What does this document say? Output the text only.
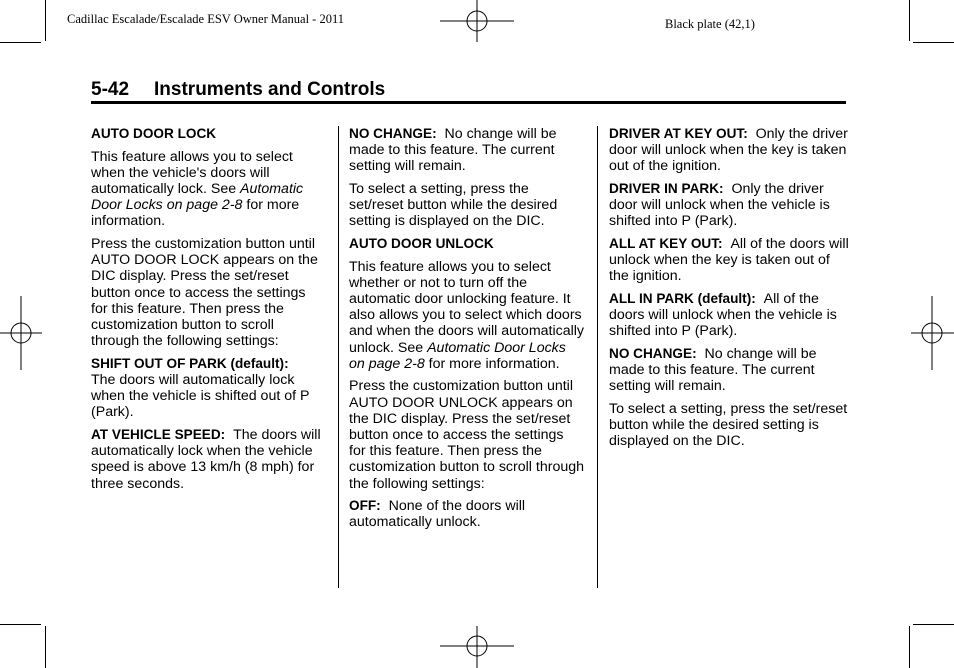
Cadillac Escalade/Escalade ESV Owner Manual - 2011	Black plate (42,1)
5-42 Instruments and Controls

AUTO DOOR LOCK

This feature allows you to select when the vehicle's doors will automatically lock. See Automatic Door Locks on page 2-8 for more information.

Press the customization button until AUTO DOOR LOCK appears on the DIC display. Press the set/reset button once to access the settings for this feature. Then press the customization button to scroll through the following settings:

SHIFT OUT OF PARK (default):
The doors will automatically lock when the vehicle is shifted out of P (Park).

AT VEHICLE SPEED: The doors will automatically lock when the vehicle speed is above 13 km/h (8 mph) for three seconds.

NO CHANGE: No change will be made to this feature. The current setting will remain.

To select a setting, press the set/reset button while the desired setting is displayed on the DIC.

AUTO DOOR UNLOCK

This feature allows you to select whether or not to turn off the automatic door unlocking feature. It also allows you to select which doors and when the doors will automatically unlock. See Automatic Door Locks on page 2-8 for more information.

Press the customization button until AUTO DOOR UNLOCK appears on the DIC display. Press the set/reset button once to access the settings for this feature. Then press the customization button to scroll through the following settings:

OFF: None of the doors will automatically unlock.

DRIVER AT KEY OUT: Only the driver door will unlock when the key is taken out of the ignition.

DRIVER IN PARK: Only the driver door will unlock when the vehicle is shifted into P (Park).

ALL AT KEY OUT: All of the doors will unlock when the key is taken out of the ignition.

ALL IN PARK (default): All of the doors will unlock when the vehicle is shifted into P (Park).

NO CHANGE: No change will be made to this feature. The current setting will remain.

To select a setting, press the set/reset button while the desired setting is displayed on the DIC.
